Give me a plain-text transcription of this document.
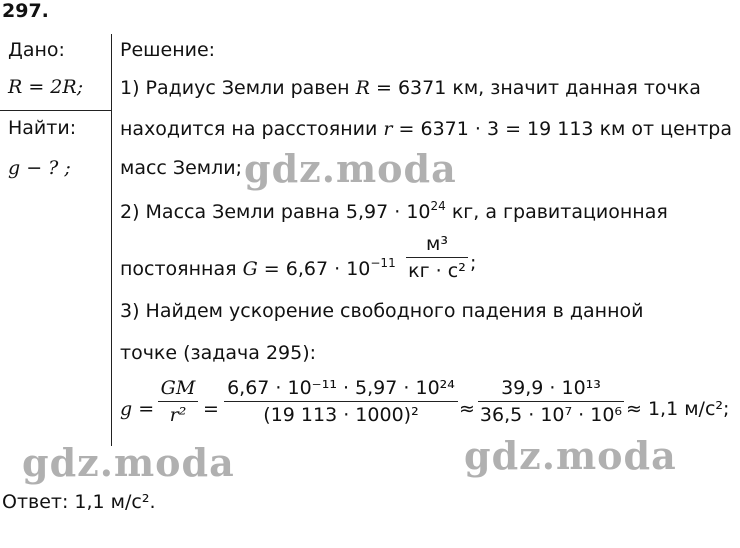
297.
Дано:
R = 2R;
Найти:
g − ? ;
Решение:
1) Радиус Земли равен R = 6371 км, значит данная точка
находится на расстоянии r = 6371 · 3 = 19 113 км от центра
масс Земли;
2) Масса Земли равна $5,97 \cdot 10^{24}$ кг, а гравитационная
постоянная $G = 6,67 \cdot 10^{-11}$
м³
кг · с² ;
3) Найдем ускорение свободного падения в данной
точке (задача 295):
g =
GM
r² =
6,67 · 10⁻¹¹ · 5,97 · 10²⁴
(19 113 · 1000)²	≈
39,9 · 10¹³
36,5 · 10⁷ · 10⁶ ≈ 1,1 м/с²;
Ответ: 1,1 м/с².
gdz.moda
gdz.moda	gdz.moda
